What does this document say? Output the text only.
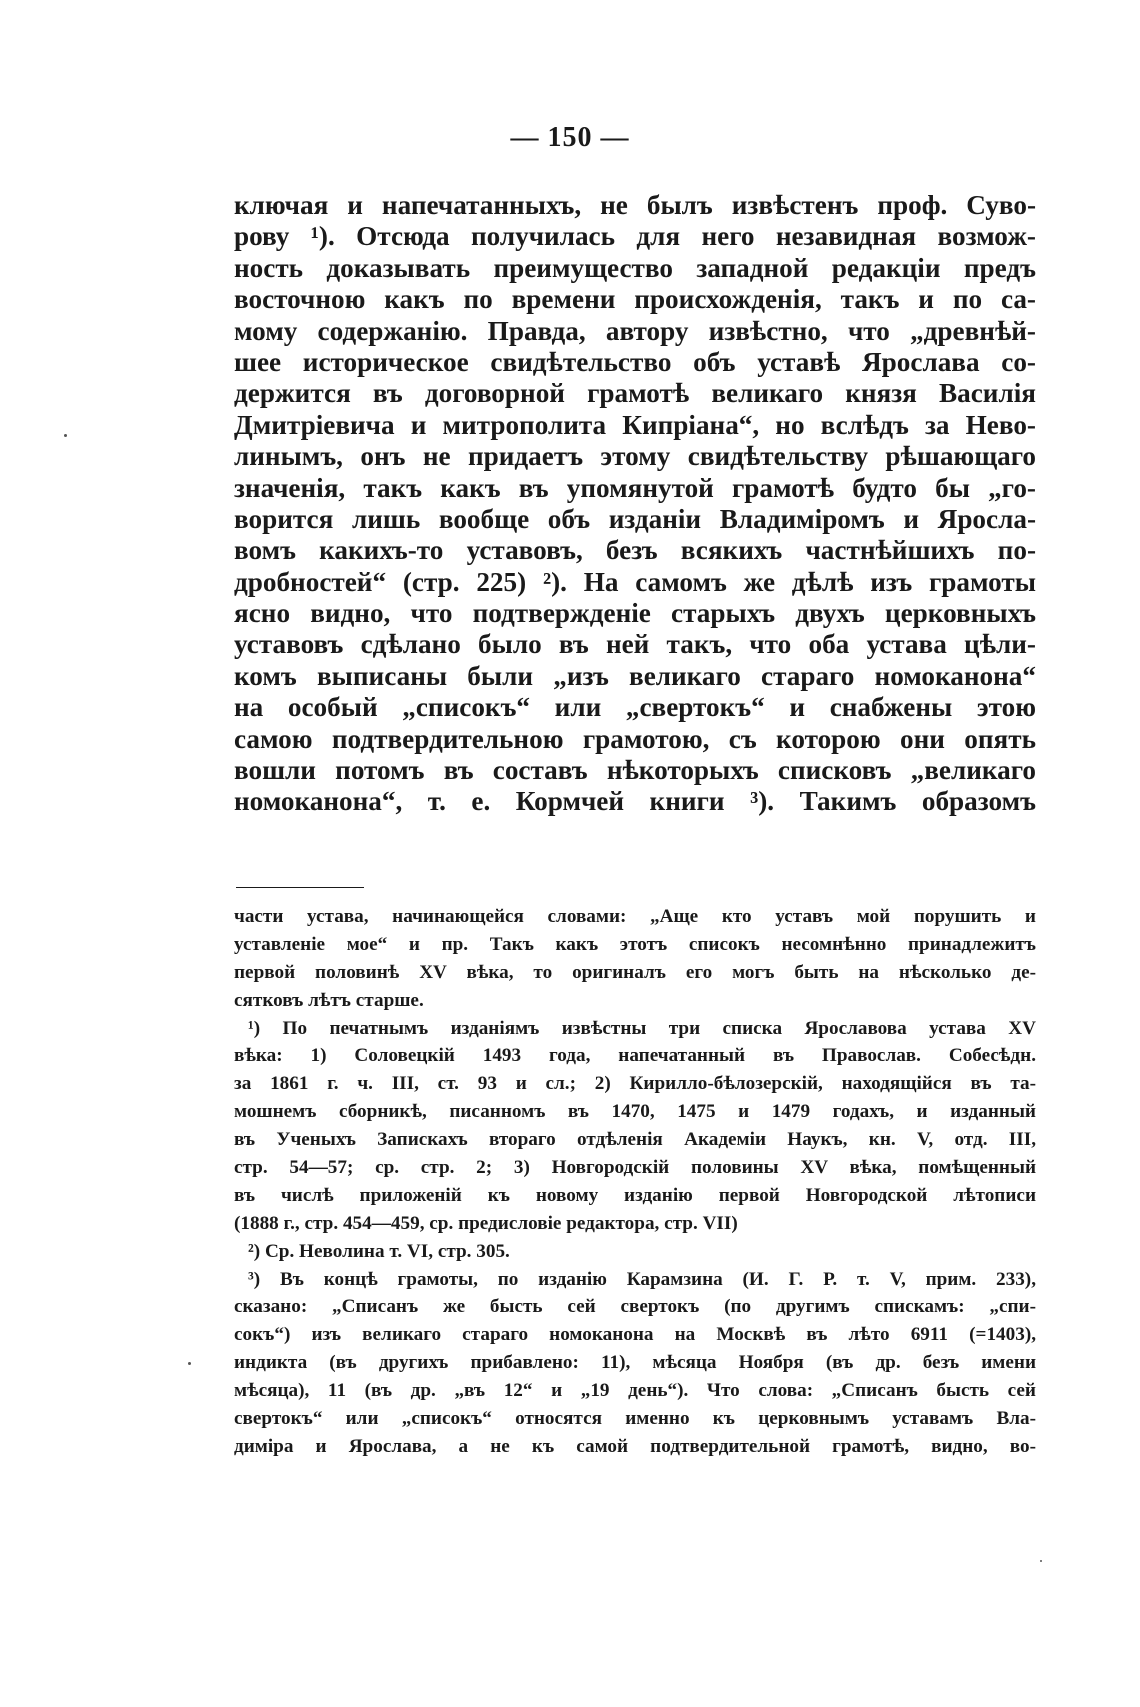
— 150 —
ключая и напечатанныхъ, не былъ извѣстенъ проф. Суво-
рову ¹). Отсюда получилась для него незавидная возмож-
ность доказывать преимущество западной редакціи предъ
восточною какъ по времени происхожденія, такъ и по са-
мому содержанію. Правда, автору извѣстно, что „древнѣй-
шее историческое свидѣтельство объ уставѣ Ярослава со-
держится въ договорной грамотѣ великаго князя Василія
Дмитріевича и митрополита Кипріана“, но вслѣдъ за Нево-
линымъ, онъ не придаетъ этому свидѣтельству рѣшающаго
значенія, такъ какъ въ упомянутой грамотѣ будто бы „го-
ворится лишь вообще объ изданіи Владиміромъ и Яросла-
вомъ какихъ-то уставовъ, безъ всякихъ частнѣйшихъ по-
дробностей“ (стр. 225) ²). На самомъ же дѣлѣ изъ грамоты
ясно видно, что подтвержденіе старыхъ двухъ церковныхъ
уставовъ сдѣлано было въ ней такъ, что оба устава цѣли-
комъ выписаны были „изъ великаго стараго номоканона“
на особый „списокъ“ или „свертокъ“ и снабжены этою
самою подтвердительною грамотою, съ которою они опять
вошли потомъ въ составъ нѣкоторыхъ списковъ „великаго
номоканона“, т. е. Кормчей книги ³). Такимъ образомъ
части устава, начинающейся словами: „Аще кто уставъ мой порушить и
уставленіе мое“ и пр. Такъ какъ этотъ списокъ несомнѣнно принадлежитъ
первой половинѣ XV вѣка, то оригиналъ его могъ быть на нѣсколько де-
сятковъ лѣтъ старше.
¹) По печатнымъ изданіямъ извѣстны три списка Ярославова устава XV
вѣка: 1) Соловецкій 1493 года, напечатанный въ Православ. Собесѣдн.
за 1861 г. ч. III, ст. 93 и сл.; 2) Кирилло-бѣлозерскій, находящійся въ та-
мошнемъ сборникѣ, писанномъ въ 1470, 1475 и 1479 годахъ, и изданный
въ Ученыхъ Запискахъ втораго отдѣленія Академіи Наукъ, кн. V, отд. III,
стр. 54—57; ср. стр. 2; 3) Новгородскій половины XV вѣка, помѣщенный
въ числѣ приложеній къ новому изданію первой Новгородской лѣтописи
(1888 г., стр. 454—459, ср. предисловіе редактора, стр. VII)
²) Ср. Неволина т. VI, стр. 305.
³) Въ концѣ грамоты, по изданію Карамзина (И. Г. Р. т. V, прим. 233),
сказано: „Списанъ же бысть сей свертокъ (по другимъ спискамъ: „спи-
сокъ“) изъ великаго стараго номоканона на Москвѣ въ лѣто 6911 (=1403),
индикта (въ другихъ прибавлено: 11), мѣсяца Ноября (въ др. безъ имени
мѣсяца), 11 (въ др. „въ 12“ и „19 день“). Что слова: „Списанъ бысть сей
свертокъ“ или „списокъ“ относятся именно къ церковнымъ уставамъ Вла-
диміра и Ярослава, а не къ самой подтвердительной грамотѣ, видно, во-
